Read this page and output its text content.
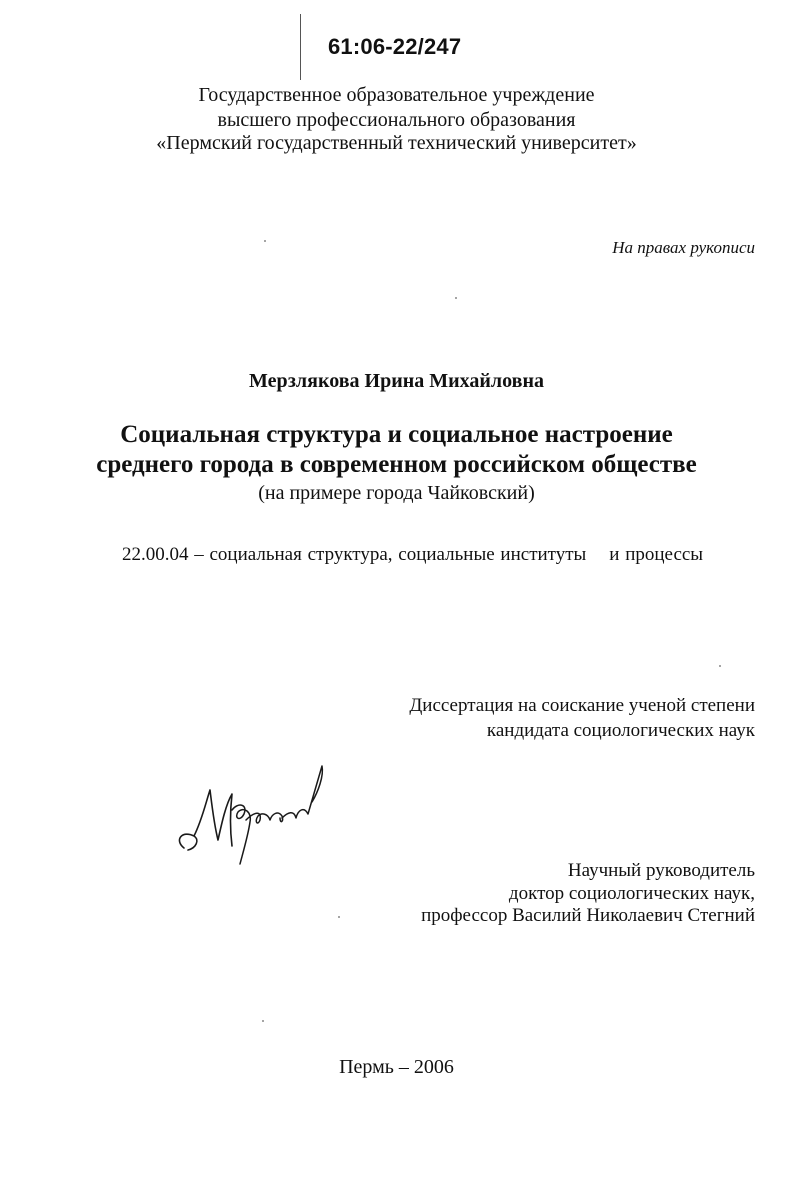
61:06-22/247
Государственное образовательное учреждение
высшего профессионального образования
«Пермский государственный технический университет»
На правах рукописи
Мерзлякова Ирина Михайловна
Социальная структура и социальное настроение
среднего города в современном российском обществе
(на примере города Чайковский)
22.00.04 – социальная структура, социальные институты    и процессы
Диссертация на соискание ученой степени
кандидата социологических наук
Научный руководитель
доктор социологических наук,
профессор Василий Николаевич Стегний
Пермь – 2006
